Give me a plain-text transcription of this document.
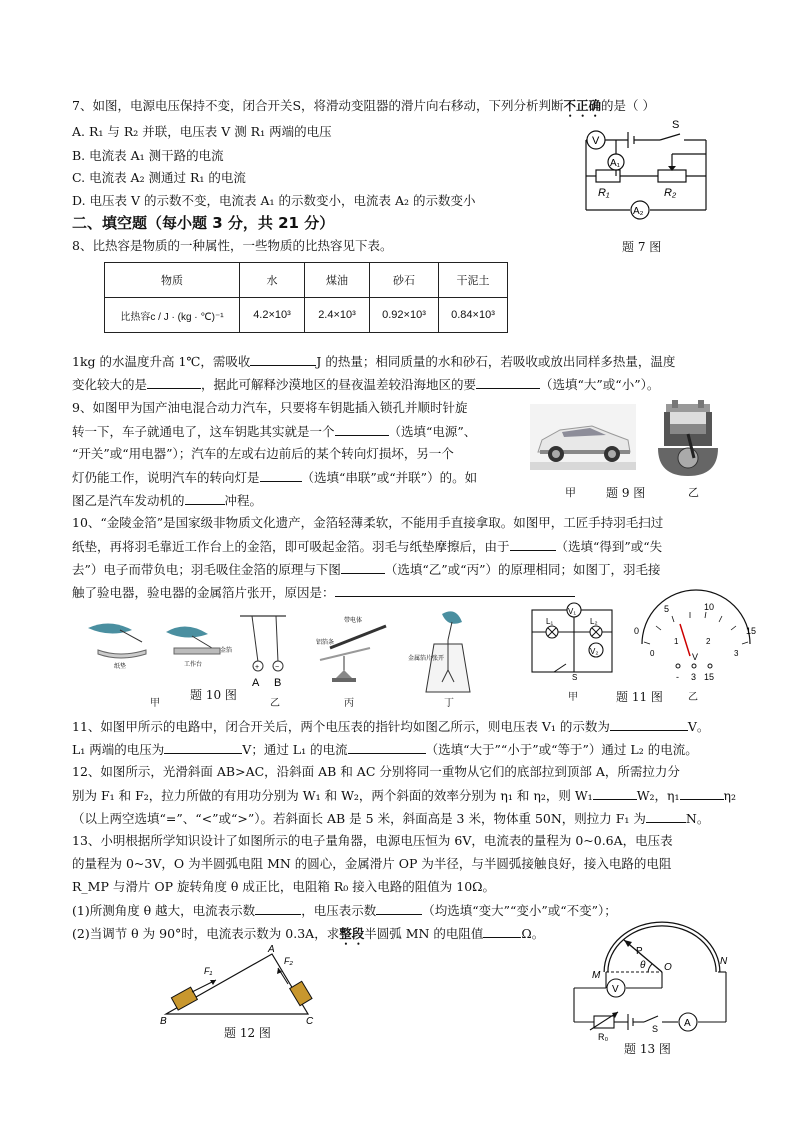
7、如图，电源电压保持不变，闭合开关S，将滑动变阻器的滑片向右移动，下列分析判断不正确的是（ ）
A. R₁ 与 R₂ 并联，电压表 V 测 R₁ 两端的电压
B. 电流表 A₁ 测干路的电流
C. 电流表 A₂ 测通过 R₁ 的电流
D. 电压表 V 的示数不变，电流表 A₁ 的示数变小，电流表 A₂ 的示数变小
V
A₁
A₂
S
R₁	R₂
题 7 图
二、填空题（每小题 3 分，共 21 分）
8、比热容是物质的一种属性，一些物质的比热容见下表。
物质	水	煤油	砂石	干泥土
比热容c / J · (kg · ℃)⁻¹	4.2×10³	2.4×10³	0.92×10³	0.84×10³
1kg 的水温度升高 1℃，需吸收	J 的热量；相同质量的水和砂石，若吸收或放出同样多热量，温度
变化较大的是	，据此可解释沙漠地区的昼夜温差较沿海地区的要	（选填“大”或“小”）。
9、如图甲为国产油电混合动力汽车，只要将车钥匙插入锁孔并顺时针旋
转一下，车子就通电了，这车钥匙其实就是一个	（选填“电源”、
“开关”或“用电器”）；汽车的左或右边前后的某个转向灯损坏，另一个
灯仍能工作，说明汽车的转向灯是	（选填“串联”或“并联”）的。如
图乙是汽车发动机的	冲程。
甲	题 9 图	乙
10、“金陵金箔”是国家级非物质文化遗产，金箔轻薄柔软，不能用手直接拿取。如图甲，工匠手持羽毛扫过
纸垫，再将羽毛靠近工作台上的金箔，即可吸起金箔。羽毛与纸垫摩擦后，由于	（选填“得到”或“失
去”）电子而带负电；羽毛吸住金箔的原理与下图	（选填“乙”或“丙”）的原理相同；如图丁，羽毛接
触了验电器，验电器的金属箔片张开，原因是：
纸垫	工作台
金箔
+ −
A B
带电体
铝箔条
金属箔片张开
题 10 图
甲	乙	丙	丁
V₁
L₁	L₂
V₂
S
0
5	10
15
0
1	2
3
V
- 3 15
甲	题 11 图	乙
11、如图甲所示的电路中，闭合开关后，两个电压表的指针均如图乙所示，则电压表 V₁ 的示数为	V。
L₁ 两端的电压为	V；通过 L₁ 的电流	（选填“大于”“小于”或“等于”）通过 L₂ 的电流。
12、如图所示，光滑斜面 AB>AC，沿斜面 AB 和 AC 分别将同一重物从它们的底部拉到顶部 A，所需拉力分
别为 F₁ 和 F₂，拉力所做的有用功分别为 W₁ 和 W₂，两个斜面的效率分别为 η₁ 和 η₂，则 W₁	W₂，η₁	η₂
（以上两空选填“=”、“<”或“>”）。若斜面长 AB 是 5 米，斜面高是 3 米，物体重 50N，则拉力 F₁ 为	N。
13、小明根据所学知识设计了如图所示的电子量角器，电源电压恒为 6V，电流表的量程为 0~0.6A，电压表
的量程为 0~3V，O 为半圆弧电阻 MN 的圆心，金属滑片 OP 为半径，与半圆弧接触良好，接入电路的电阻
R_MP 与滑片 OP 旋转角度 θ 成正比，电阻箱 R₀ 接入电路的阻值为 10Ω。
(1)所测角度 θ 越大，电流表示数	，电压表示数	（均选填“变大”“变小”或“不变”）；
(2)当调节 θ 为 90°时，电流表示数为 0.3A，求整段半圆弧 MN 的电阻值	Ω。
F₁
F₂
A
B	C
题 12 图
V
A
M
N
O
P
θ
S
R₀
题 13 图
